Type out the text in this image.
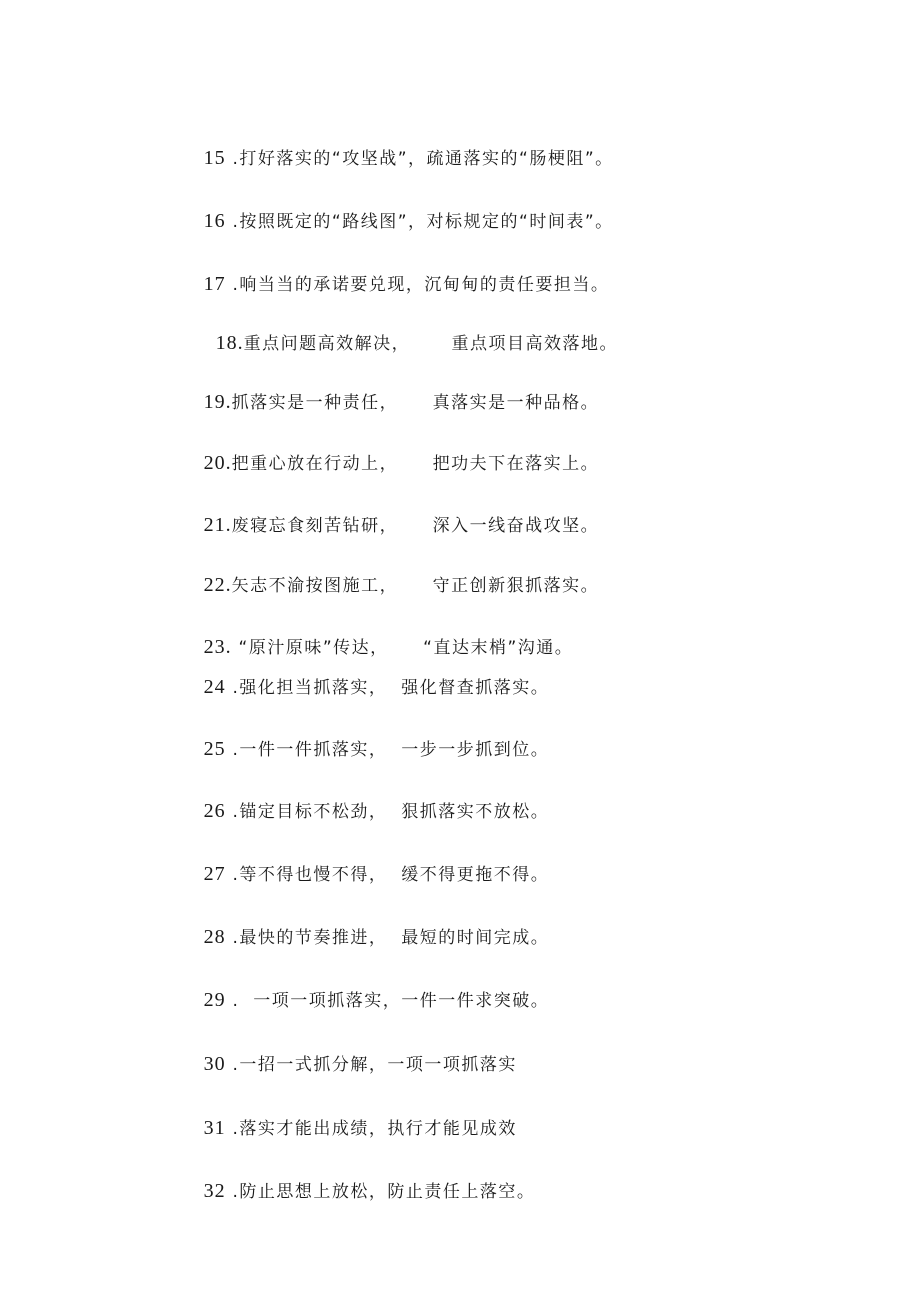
15 .打好落实的“攻坚战”，疏通落实的“肠梗阻”。

16 .按照既定的“路线图”，对标规定的“时间表”。

17 .响当当的承诺要兑现，沉甸甸的责任要担当。

18.重点问题高效解决，      重点项目高效落地。

19.抓落实是一种责任，     真落实是一种品格。

20.把重心放在行动上，     把功夫下在落实上。

21.废寝忘食刻苦钻研，     深入一线奋战攻坚。

22.矢志不渝按图施工，     守正创新狠抓落实。

23. “原汁原味”传达，     “直达末梢”沟通。

24 .强化担当抓落实，  强化督查抓落实。

25 .一件一件抓落实，  一步一步抓到位。

26 .锚定目标不松劲，  狠抓落实不放松。

27 .等不得也慢不得，  缓不得更拖不得。

28 .最快的节奏推进，  最短的时间完成。

29 .  一项一项抓落实，一件一件求突破。

30 .一招一式抓分解，一项一项抓落实

31 .落实才能出成绩，执行才能见成效

32 .防止思想上放松，防止责任上落空。
